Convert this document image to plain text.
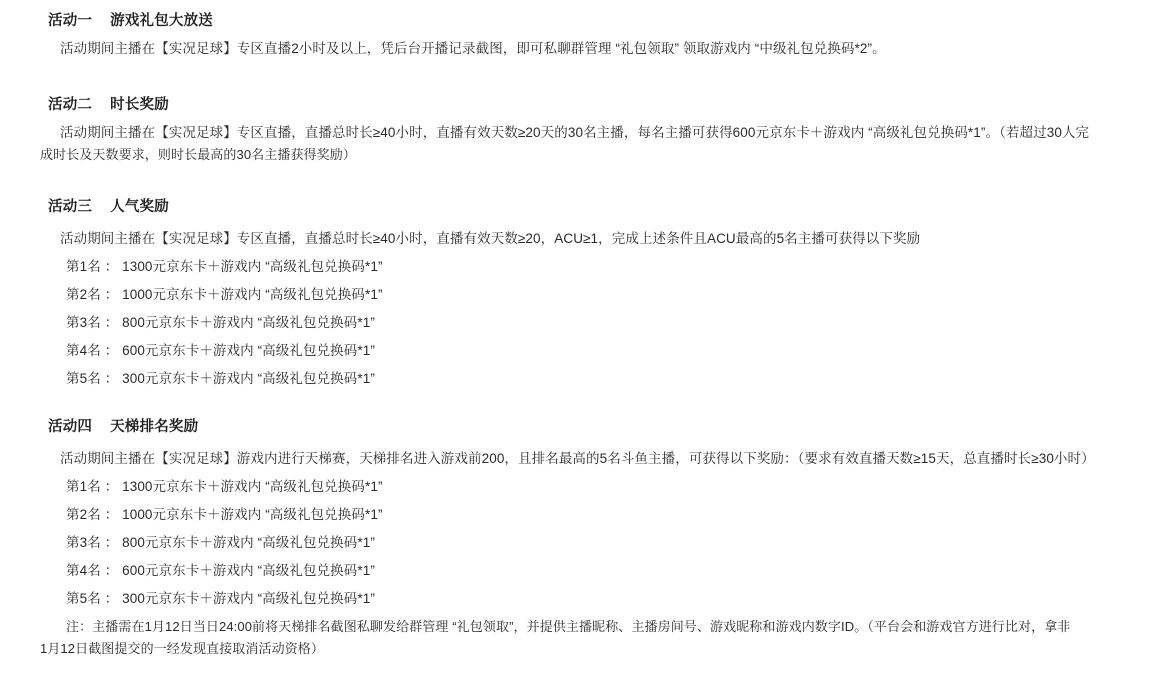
活动一 游戏礼包大放送
活动期间主播在【实况足球】专区直播2小时及以上，凭后台开播记录截图，即可私聊群管理 “礼包领取” 领取游戏内 “中级礼包兑换码*2”。
活动二 时长奖励
活动期间主播在【实况足球】专区直播，直播总时长≥40小时，直播有效天数≥20天的30名主播，每名主播可获得600元京东卡＋游戏内 “高级礼包兑换码*1”。（若超过30人完
成时长及天数要求，则时长最高的30名主播获得奖励）
活动三 人气奖励
活动期间主播在【实况足球】专区直播，直播总时长≥40小时，直播有效天数≥20，ACU≥1，完成上述条件且ACU最高的5名主播可获得以下奖励
第1名 ： 1300元京东卡＋游戏内 “高级礼包兑换码*1”
第2名 ： 1000元京东卡＋游戏内 “高级礼包兑换码*1”
第3名 ： 800元京东卡＋游戏内 “高级礼包兑换码*1”
第4名 ： 600元京东卡＋游戏内 “高级礼包兑换码*1”
第5名 ： 300元京东卡＋游戏内 “高级礼包兑换码*1”
活动四 天梯排名奖励
活动期间主播在【实况足球】游戏内进行天梯赛，天梯排名进入游戏前200，且排名最高的5名斗鱼主播，可获得以下奖励：（要求有效直播天数≥15天，总直播时长≥30小时）
第1名 ： 1300元京东卡＋游戏内 “高级礼包兑换码*1”
第2名 ： 1000元京东卡＋游戏内 “高级礼包兑换码*1”
第3名 ： 800元京东卡＋游戏内 “高级礼包兑换码*1”
第4名 ： 600元京东卡＋游戏内 “高级礼包兑换码*1”
第5名 ： 300元京东卡＋游戏内 “高级礼包兑换码*1”
注：主播需在1月12日当日24:00前将天梯排名截图私聊发给群管理 “礼包领取”，并提供主播昵称、主播房间号、游戏昵称和游戏内数字ID。（平台会和游戏官方进行比对，拿非
1月12日截图提交的一经发现直接取消活动资格）
